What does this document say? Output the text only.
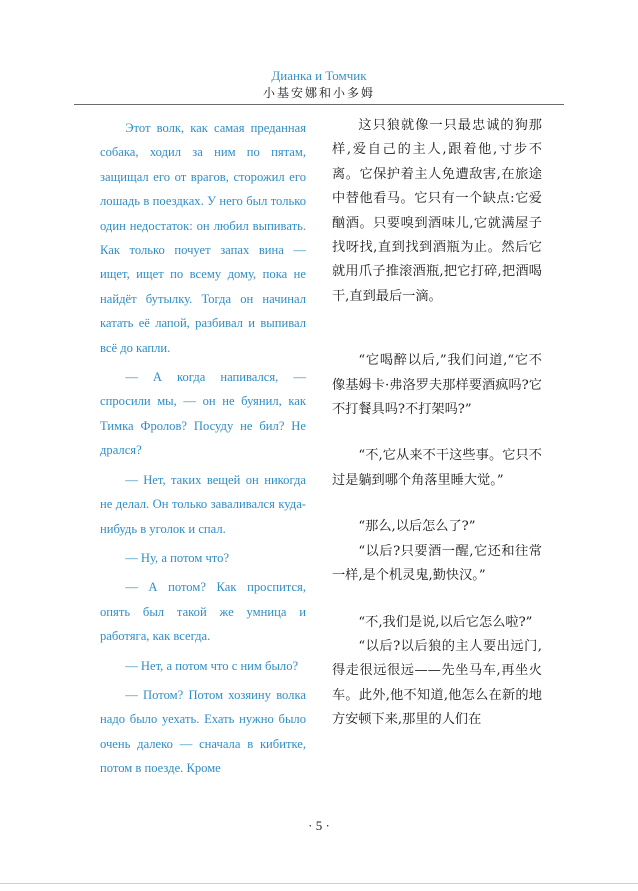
Дианка и Томчик
小基安娜和小多姆

Этот волк, как самая преданная собака, ходил за ним по пятам, защищал его от врагов, сторожил его лошадь в поездках. У него был только один недостаток: он любил выпивать. Как только почует запах вина — ищет, ищет по всему дому, пока не найдёт бутылку. Тогда он начинал катать её лапой, разбивал и выпивал всё до капли.

— А когда напивался, — спросили мы, — он не буянил, как Тимка Фролов? Посуду не бил? Не дрался?

— Нет, таких вещей он никогда не делал. Он только заваливался куда-нибудь в уголок и спал.

— Ну, а потом что?

— А потом? Как проспится, опять был такой же умница и работяга, как всегда.

— Нет, а потом что с ним было?

— Потом? Потом хозяину волка надо было уехать. Ехать нужно было очень далеко — сначала в кибитке, потом в поезде. Кроме

这只狼就像一只最忠诚的狗那样,爱自己的主人,跟着他,寸步不离。它保护着主人免遭敌害,在旅途中替他看马。它只有一个缺点:它爱酗酒。只要嗅到酒味儿,它就满屋子找呀找,直到找到酒瓶为止。然后它就用爪子推滚酒瓶,把它打碎,把酒喝干,直到最后一滴。

“它喝醉以后,”我们问道,“它不像基姆卡·弗洛罗夫那样要酒疯吗?它不打餐具吗?不打架吗?”

“不,它从来不干这些事。它只不过是躺到哪个角落里睡大觉。”

“那么,以后怎么了?”

“以后?只要酒一醒,它还和往常一样,是个机灵鬼,勤快汉。”

“不,我们是说,以后它怎么啦?”

“以后?以后狼的主人要出远门,得走很远很远——先坐马车,再坐火车。此外,他不知道,他怎么在新的地方安顿下来,那里的人们在

· 5 ·
